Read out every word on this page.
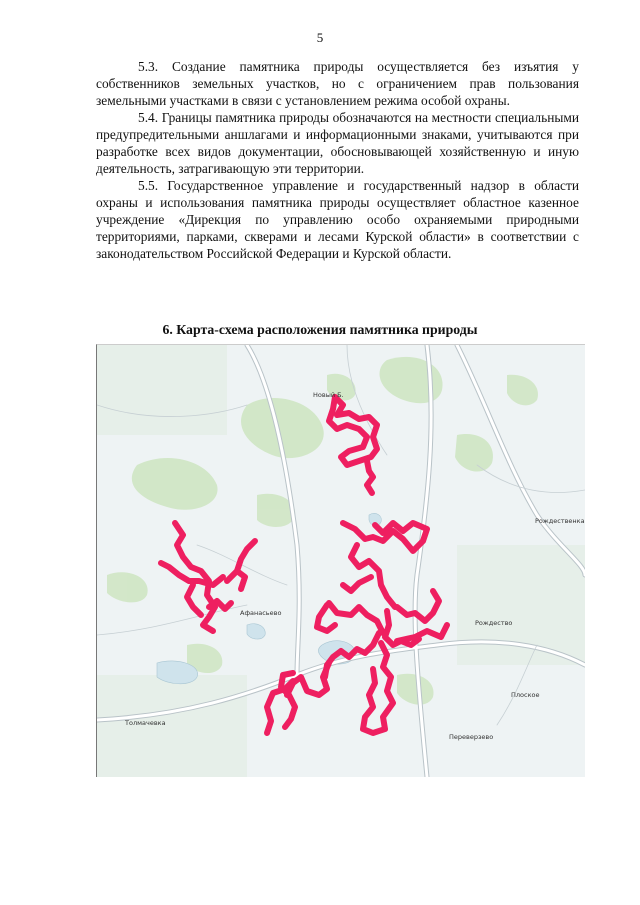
5

5.3. Создание памятника природы осуществляется без изъятия у собственников земельных участков, но с ограничением прав пользования земельными участками в связи с установлением режима особой охраны.

5.4. Границы памятника природы обозначаются на местности специальными предупредительными аншлагами и информационными знаками, учитываются при разработке всех видов документации, обосновывающей хозяйственную и иную деятельность, затрагивающую эти территории.

5.5. Государственное управление и государственный надзор в области охраны и использования памятника природы осуществляет областное казенное учреждение «Дирекция по управлению особо охраняемыми природными территориями, парками, скверами и лесами Курской области» в соответствии с законодательством Российской Федерации и Курской области.

6. Карта-схема расположения памятника природы
Афанасьево
Толмачевка
Рождественка
Рождество
Переверзево
Новый Б.
Плоское
